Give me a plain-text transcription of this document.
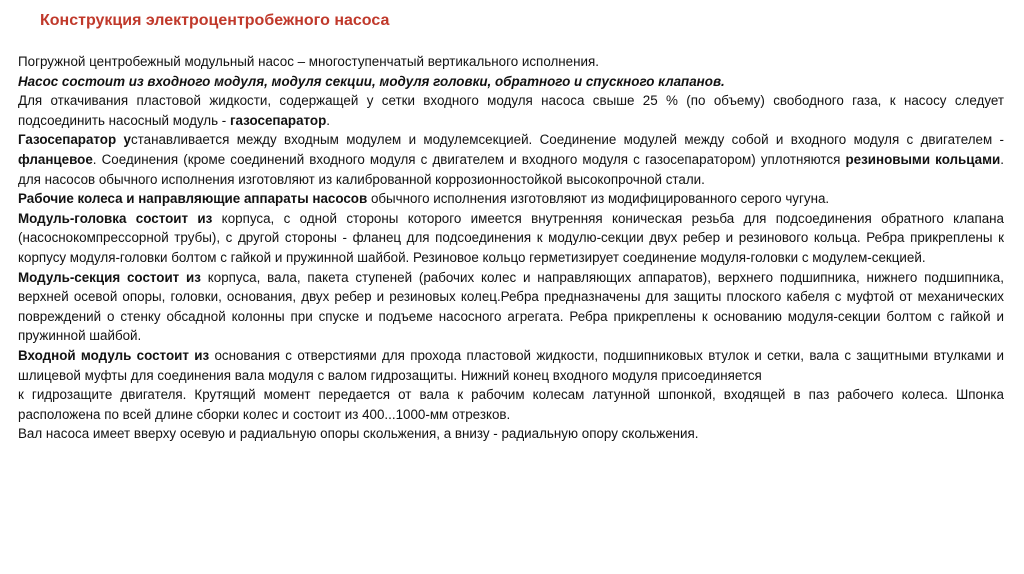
Конструкция электроцентробежного насоса

Погружной центробежный модульный насос – многоступенчатый вертикального исполнения.

Насос состоит из входного модуля, модуля секции, модуля головки, обратного и спускного клапанов.

Для откачивания пластовой жидкости, содержащей у сетки входного модуля насоса свыше 25 % (по объему) свободного газа, к насосу следует подсоединить насосный модуль - газосепаратор.

Газосепаратор устанавливается между входным модулем и модулемсекцией. Соединение модулей между собой и входного модуля с двигателем - фланцевое. Соединения (кроме соединений входного модуля с двигателем и входного модуля с газосепаратором) уплотняются резиновыми кольцами. для насосов обычного исполнения изготовляют из калиброванной коррозионностойкой высокопрочной стали.

Рабочие колеса и направляющие аппараты насосов обычного исполнения изготовляют из модифицированного серого чугуна.

Модуль-головка состоит из корпуса, с одной стороны которого имеется внутренняя коническая резьба для подсоединения обратного клапана (насоснокомпрессорной трубы), с другой стороны - фланец для подсоединения к модулю-секции двух ребер и резинового кольца. Ребра прикреплены к корпусу модуля-головки болтом с гайкой и пружинной шайбой. Резиновое кольцо герметизирует соединение модуля-головки с модулем-секцией.

Модуль-секция состоит из корпуса, вала, пакета ступеней (рабочих колес и направляющих аппаратов), верхнего подшипника, нижнего подшипника, верхней осевой опоры, головки, основания, двух ребер и резиновых колец.Ребра предназначены для защиты плоского кабеля с муфтой от механических повреждений о стенку обсадной колонны при спуске и подъеме насосного агрегата. Ребра прикреплены к основанию модуля-секции болтом с гайкой и пружинной шайбой.

Входной модуль состоит из основания с отверстиями для прохода пластовой жидкости, подшипниковых втулок и сетки, вала с защитными втулками и шлицевой муфты для соединения вала модуля с валом гидрозащиты. Нижний конец входного модуля присоединяется

к гидрозащите двигателя. Крутящий момент передается от вала к рабочим колесам латунной шпонкой, входящей в паз рабочего колеса. Шпонка расположена по всей длине сборки колес и состоит из 400...1000-мм отрезков.

Вал насоса имеет вверху осевую и радиальную опоры скольжения, а внизу - радиальную опору скольжения.
